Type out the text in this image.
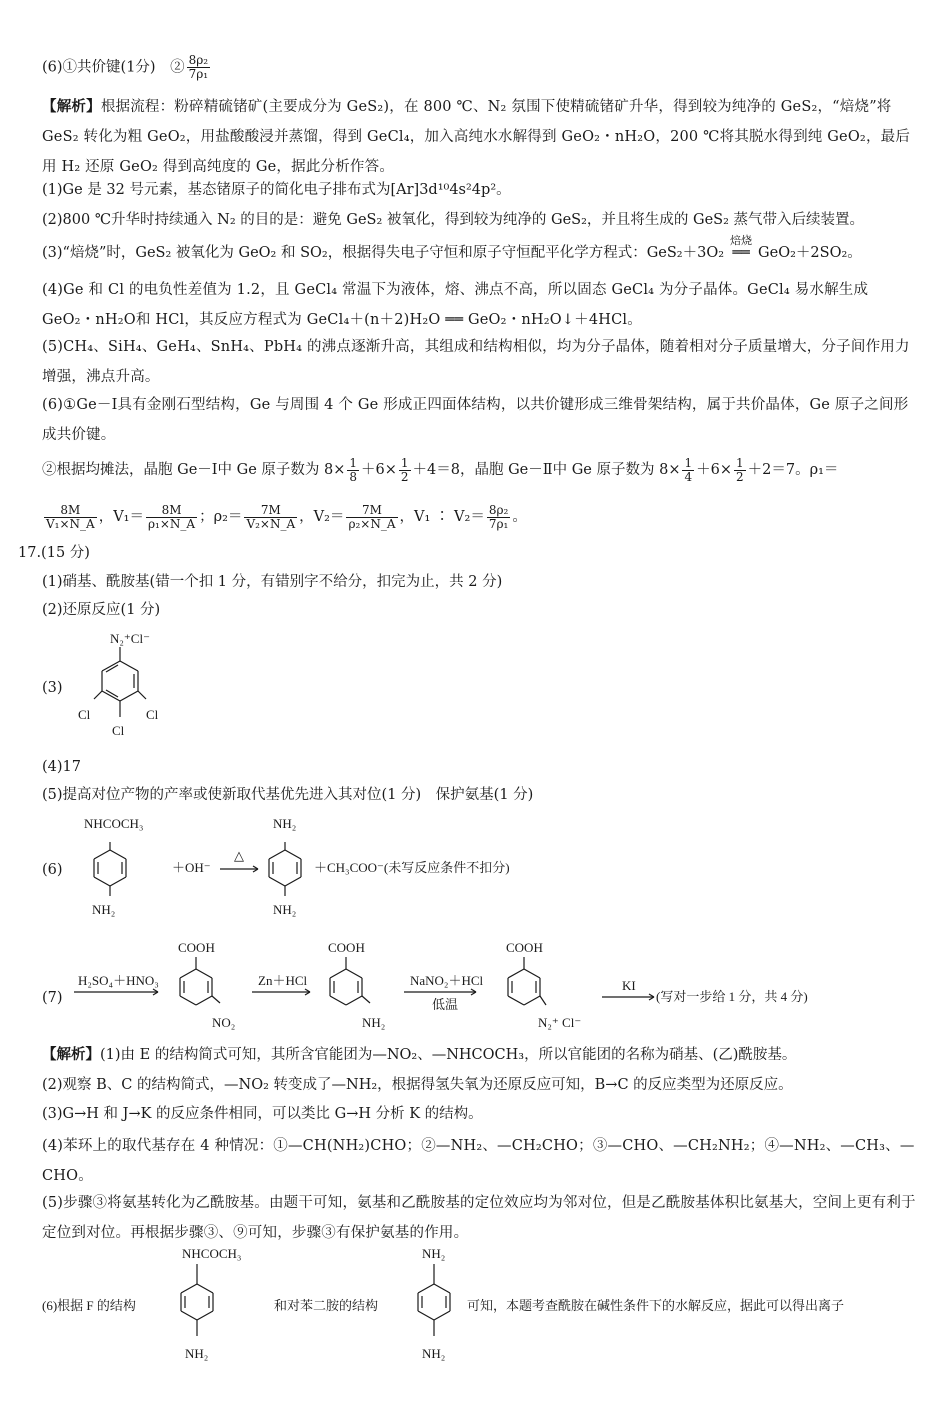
(6)①共价键(1分)　② $\frac{\text{8ρ₂}}{\text{7ρ₁}}$
【解析】根据流程：粉碎精硫锗矿(主要成分为 GeS₂)，在 800 ℃、N₂ 氛围下使精硫锗矿升华，得到较为纯净的 GeS₂，“焙烧”将 GeS₂ 转化为粗 GeO₂，用盐酸酸浸并蒸馏，得到 GeCl₄，加入高纯水水解得到 GeO₂・nH₂O，200 ℃将其脱水得到纯 GeO₂，最后用 H₂ 还原 GeO₂ 得到高纯度的 Ge，据此分析作答。
(1)Ge 是 32 号元素，基态锗原子的简化电子排布式为[Ar]3d¹⁰4s²4p²。
(2)800 ℃升华时持续通入 N₂ 的目的是：避免 GeS₂ 被氧化，得到较为纯净的 GeS₂，并且将生成的 GeS₂ 蒸气带入后续装置。
(3)“焙烧”时，GeS₂ 被氧化为 GeO₂ 和 SO₂，根据得失电子守恒和原子守恒配平化学方程式：GeS₂＋3O₂
焙烧
══ GeO₂＋2SO₂。
(4)Ge 和 Cl 的电负性差值为 1.2，且 GeCl₄ 常温下为液体，熔、沸点不高，所以固态 GeCl₄ 为分子晶体。GeCl₄ 易水解生成 GeO₂・nH₂O和 HCl，其反应方程式为 GeCl₄＋(n＋2)H₂O ══ GeO₂・nH₂O↓＋4HCl。
(5)CH₄、SiH₄、GeH₄、SnH₄、PbH₄ 的沸点逐渐升高，其组成和结构相似，均为分子晶体，随着相对分子质量增大，分子间作用力增强，沸点升高。
(6)①Ge－Ⅰ具有金刚石型结构，Ge 与周围 4 个 Ge 形成正四面体结构，以共价键形成三维骨架结构，属于共价晶体，Ge 原子之间形成共价键。
②根据均摊法，晶胞 Ge－Ⅰ中 Ge 原子数为 $8\times \frac{1}{8} +6\times \frac{1}{2} +4=8$，晶胞 Ge－Ⅱ中 Ge 原子数为 $8\times \frac{1}{4} +6\times \frac{1}{2} +2=7$。ρ₁＝
$\frac{8M}{\text{V₁×N\_A}}$ ，$V_1= \frac{8M}{\text{ρ₁×N\_A}}$ ；$\rho_2= \frac{7M}{\text{V₂×N\_A}}$ ，$V_2= \frac{7M}{\text{ρ₂×N\_A}}$ ，V₁ ∶ $V_2= \frac{\text{8ρ₂}}{\text{7ρ₁}}$ 。
17.(15 分)
(1)硝基、酰胺基(错一个扣 1 分，有错别字不给分，扣完为止，共 2 分)
(2)还原反应(1 分)
(3)
N₂⁺Cl⁻
Cl	Cl
Cl
(4)17
(5)提高对位产物的产率或使新取代基优先进入其对位(1 分)　保护氨基(1 分)
(6)
NHCOCH₃
NH₂
＋OH⁻
△
NH₂
NH₂
＋CH₃COO⁻(未写反应条件不扣分)
(7)
H₂SO₄＋HNO₃
COOH
NO₂
Zn＋HCl
COOH
NH₂
NaNO₂＋HCl
低温
COOH
N₂⁺ Cl⁻
KI
(写对一步给 1 分，共 4 分)
【解析】(1)由 E 的结构简式可知，其所含官能团为—NO₂、—NHCOCH₃，所以官能团的名称为硝基、(乙)酰胺基。
(2)观察 B、C 的结构简式，—NO₂ 转变成了—NH₂，根据得氢失氧为还原反应可知，B→C 的反应类型为还原反应。
(3)G→H 和 J→K 的反应条件相同，可以类比 G→H 分析 K 的结构。
(4)苯环上的取代基存在 4 种情况：①—CH(NH₂)CHO；②—NH₂、—CH₂CHO；③—CHO、—CH₂NH₂；④—NH₂、—CH₃、—CHO。
(5)步骤③将氨基转化为乙酰胺基。由题干可知，氨基和乙酰胺基的定位效应均为邻对位，但是乙酰胺基体积比氨基大，空间上更有利于定位到对位。再根据步骤③、⑨可知，步骤③有保护氨基的作用。
(6)根据 F 的结构
NHCOCH₃
NH₂
和对苯二胺的结构
NH₂
NH₂
可知，本题考查酰胺在碱性条件下的水解反应，据此可以得出离子
